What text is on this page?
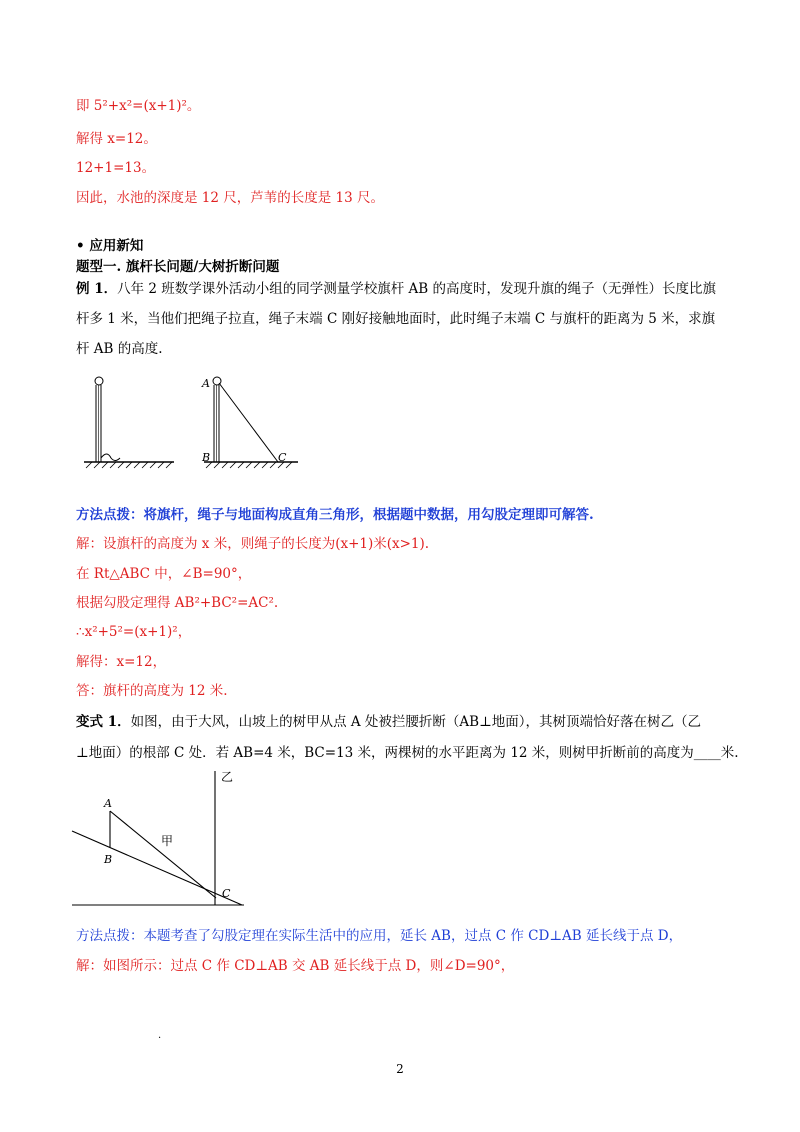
即 5²+x²=(x+1)²。
解得 x=12。
12+1=13。
因此，水池的深度是 12 尺，芦苇的长度是 13 尺。
• 应用新知
题型一. 旗杆长问题/大树折断问题
例 1．八年 2 班数学课外活动小组的同学测量学校旗杆 AB 的高度时，发现升旗的绳子（无弹性）长度比旗
杆多 1 米，当他们把绳子拉直，绳子末端 C 刚好接触地面时，此时绳子末端 C 与旗杆的距离为 5 米，求旗
杆 AB 的高度.
A
B	C
方法点拨：将旗杆，绳子与地面构成直角三角形，根据题中数据，用勾股定理即可解答.
解：设旗杆的高度为 x 米，则绳子的长度为(x+1)米(x>1).
在 Rt△ABC 中，∠B=90°，
根据勾股定理得 AB²+BC²=AC².
∴x²+5²=(x+1)²，
解得：x=12，
答：旗杆的高度为 12 米.
变式 1．如图，由于大风，山坡上的树甲从点 A 处被拦腰折断（AB⊥地面），其树顶端恰好落在树乙（乙
⊥地面）的根部 C 处．若 AB=4 米，BC=13 米，两棵树的水平距离为 12 米，则树甲折断前的高度为____米.
乙
甲
A
B
C
方法点拨：本题考查了勾股定理在实际生活中的应用，延长 AB，过点 C 作 CD⊥AB 延长线于点 D，
解：如图所示：过点 C 作 CD⊥AB 交 AB 延长线于点 D，则∠D=90°，
.
2
